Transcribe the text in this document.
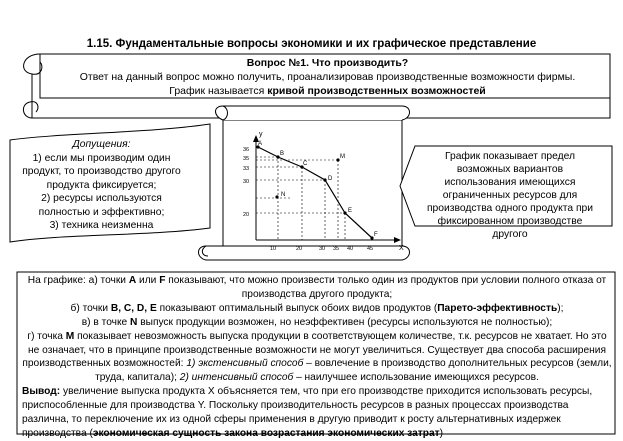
y
X
A
B
C
D
E
F
M
N
36
35
33
30
20
10	20	30 35 40	45
1.15. Фундаментальные вопросы экономики и их графическое представление
Вопрос №1. Что производить?
Ответ на данный вопрос можно получить, проанализировав производственные возможности фирмы.
График называется кривой производственных возможностей
Допущения:
1) если мы производим один продукт, то производство другого продукта фиксируется;
2) ресурсы используются полностью и эффективно;
3) техника неизменна
График показывает предел возможных вариантов использования имеющихся ограниченных ресурсов для производства одного продукта при фиксированном производстве другого

На графике: а) точки А или F показывают, что можно произвести только один из продуктов при условии полного отказа от производства другого продукта;

б) точки B, C, D, E показывают оптимальный выпуск обоих видов продуктов (Парето-эффективность);

в) в точке N выпуск продукции возможен, но неэффективен (ресурсы используются не полностью);

г) точка М показывает невозможность выпуска продукции в соответствующем количестве, т.к. ресурсов не хватает. Но это не означает, что в принципе производственные возможности не могут увеличиться. Существует два способа расширения производственных возможностей: 1) экстенсивный способ – вовлечение в производство дополнительных ресурсов (земли, труда, капитала); 2) интенсивный способ – наилучшее использование имеющихся ресурсов.

Вывод: увеличение выпуска продукта X объясняется тем, что при его производстве приходится использовать ресурсы, приспособленные для производства Y. Поскольку производительность ресурсов в разных процессах производства различна, то переключение их из одной сферы применения в другую приводит к росту альтернативных издержек производства (экономическая сущность закона возрастания экономических затрат)
